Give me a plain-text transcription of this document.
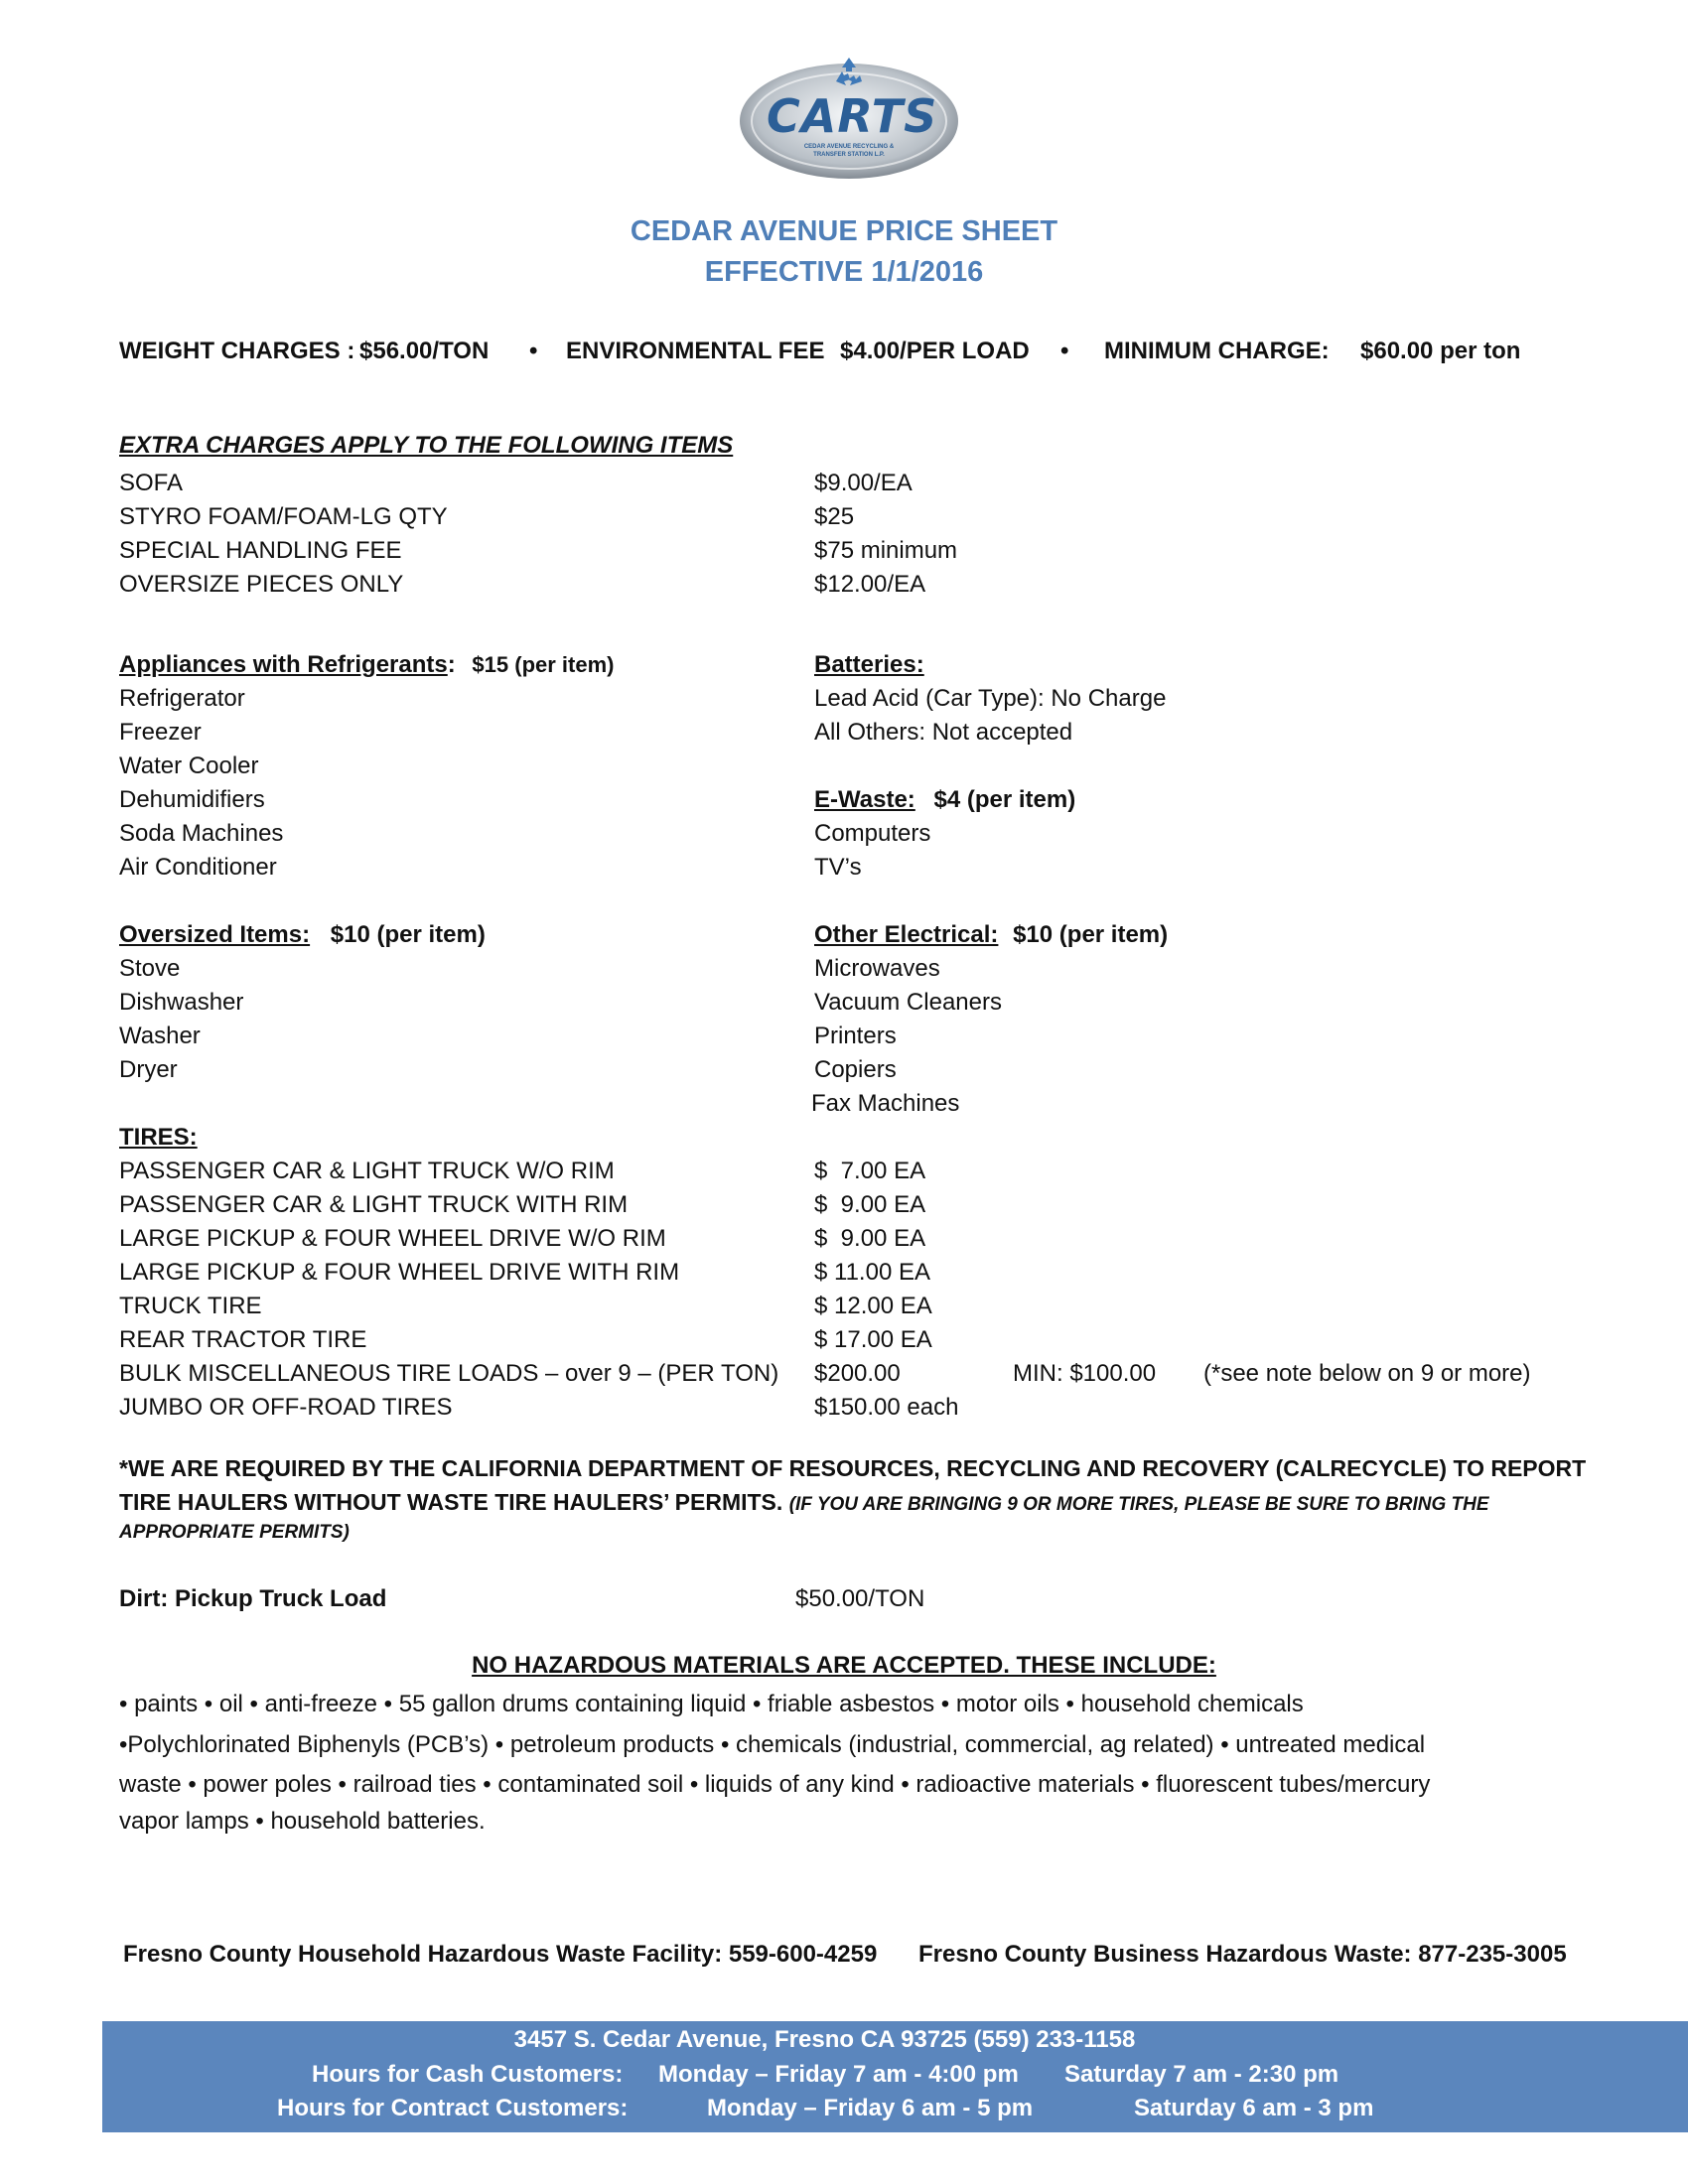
CARTS
CEDAR AVENUE RECYCLING & TRANSFER STATION L.P.
CEDAR AVENUE PRICE SHEET
EFFECTIVE 1/1/2016
WEIGHT CHARGES : $56.00/TON • ENVIRONMENTAL FEE $4.00/PER LOAD • MINIMUM CHARGE: $60.00 per ton
EXTRA CHARGES APPLY TO THE FOLLOWING ITEMS
SOFA	$9.00/EA
STYRO FOAM/FOAM-LG QTY	$25
SPECIAL HANDLING FEE	$75 minimum
OVERSIZE PIECES ONLY	$12.00/EA
Appliances with Refrigerants: $15 (per item)
Refrigerator
Freezer
Water Cooler
Dehumidifiers
Soda Machines
Air Conditioner
Batteries:
Lead Acid (Car Type): No Charge
All Others: Not accepted
E-Waste: $4 (per item)
Computers
TV’s
Oversized Items: $10 (per item)
Stove
Dishwasher
Washer
Dryer
Other Electrical: $10 (per item)
Microwaves
Vacuum Cleaners
Printers
Copiers
Fax Machines
TIRES:
PASSENGER CAR & LIGHT TRUCK W/O RIM	$  7.00 EA
PASSENGER CAR & LIGHT TRUCK WITH RIM	$  9.00 EA
LARGE PICKUP & FOUR WHEEL DRIVE W/O RIM	$  9.00 EA
LARGE PICKUP & FOUR WHEEL DRIVE WITH RIM	$ 11.00 EA
TRUCK TIRE	$ 12.00 EA
REAR TRACTOR TIRE	$ 17.00 EA
BULK MISCELLANEOUS TIRE LOADS – over 9 – (PER TON) $200.00	MIN: $100.00 (*see note below on 9 or more)
JUMBO OR OFF-ROAD TIRES	$150.00 each
*WE ARE REQUIRED BY THE CALIFORNIA DEPARTMENT OF RESOURCES, RECYCLING AND RECOVERY (CALRECYCLE) TO REPORT
TIRE HAULERS WITHOUT WASTE TIRE HAULERS’ PERMITS. (IF YOU ARE BRINGING 9 OR MORE TIRES, PLEASE BE SURE TO BRING THE
APPROPRIATE PERMITS)
Dirt: Pickup Truck Load	$50.00/TON
NO HAZARDOUS MATERIALS ARE ACCEPTED. THESE INCLUDE:
• paints • oil • anti-freeze • 55 gallon drums containing liquid • friable asbestos • motor oils • household chemicals
•Polychlorinated Biphenyls (PCB’s) • petroleum products • chemicals (industrial, commercial, ag related) • untreated medical
waste • power poles • railroad ties • contaminated soil • liquids of any kind • radioactive materials • fluorescent tubes/mercury
vapor lamps • household batteries.
Fresno County Household Hazardous Waste Facility: 559-600-4259 Fresno County Business Hazardous Waste: 877-235-3005
3457 S. Cedar Avenue, Fresno CA 93725 (559) 233-1158
Hours for Cash Customers: Monday – Friday 7 am - 4:00 pm Saturday 7 am - 2:30 pm
Hours for Contract Customers:	Monday – Friday 6 am - 5 pm	Saturday 6 am - 3 pm
